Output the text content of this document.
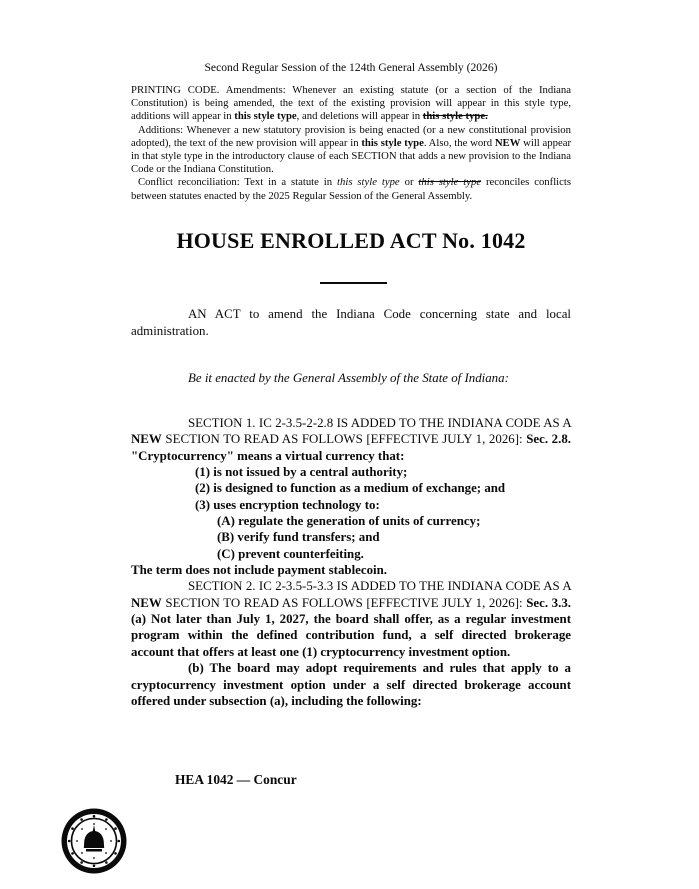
Second Regular Session of the 124th General Assembly (2026)

PRINTING CODE. Amendments: Whenever an existing statute (or a section of the Indiana Constitution) is being amended, the text of the existing provision will appear in this style type, additions will appear in this style type, and deletions will appear in this style type.

Additions: Whenever a new statutory provision is being enacted (or a new constitutional provision adopted), the text of the new provision will appear in this style type. Also, the word NEW will appear in that style type in the introductory clause of each SECTION that adds a new provision to the Indiana Code or the Indiana Constitution.

Conflict reconciliation: Text in a statute in this style type or this style type reconciles conflicts between statutes enacted by the 2025 Regular Session of the General Assembly.

HOUSE ENROLLED ACT No. 1042
AN ACT to amend the Indiana Code concerning state and local administration.
Be it enacted by the General Assembly of the State of Indiana:

SECTION 1. IC 2-3.5-2-2.8 IS ADDED TO THE INDIANA CODE AS A NEW SECTION TO READ AS FOLLOWS [EFFECTIVE JULY 1, 2026]: Sec. 2.8. "Cryptocurrency" means a virtual currency that:

(1) is not issued by a central authority;

(2) is designed to function as a medium of exchange; and

(3) uses encryption technology to:

(A) regulate the generation of units of currency;

(B) verify fund transfers; and

(C) prevent counterfeiting.

The term does not include payment stablecoin.

SECTION 2. IC 2-3.5-5-3.3 IS ADDED TO THE INDIANA CODE AS A NEW SECTION TO READ AS FOLLOWS [EFFECTIVE JULY 1, 2026]: Sec. 3.3. (a) Not later than July 1, 2027, the board shall offer, as a regular investment program within the defined contribution fund, a self directed brokerage account that offers at least one (1) cryptocurrency investment option.

(b) The board may adopt requirements and rules that apply to a cryptocurrency investment option under a self directed brokerage account offered under subsection (a), including the following:

HEA 1042 — Concur
